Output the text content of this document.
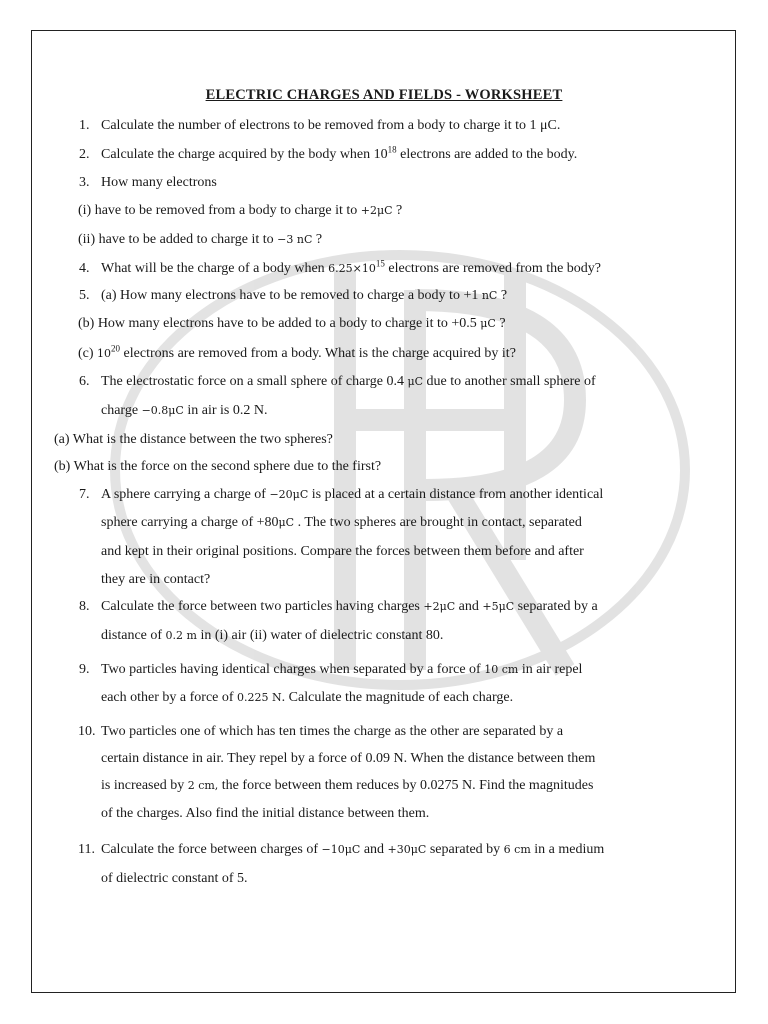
ELECTRIC CHARGES AND FIELDS - WORKSHEET
1. Calculate the number of electrons to be removed from a body to charge it to 1 μC.
2. Calculate the charge acquired by the body when $10^{18}$ electrons are added to the body.
3. How many electrons
(i) have to be removed from a body to charge it to +2μC ?
(ii) have to be added to charge it to −3 nC ?
4. What will be the charge of a body when $6.25\times 10^{15}$ electrons are removed from the body?
5. (a) How many electrons have to be removed to charge a body to +1 nC ?
(b) How many electrons have to be added to a body to charge it to +0.5 μC ?
(c) $10^{20}$ electrons are removed from a body. What is the charge acquired by it?
6. The electrostatic force on a small sphere of charge 0.4 μC due to another small sphere of
charge −0.8μC in air is 0.2 N.
(a) What is the distance between the two spheres?
(b) What is the force on the second sphere due to the first?
7. A sphere carrying a charge of −20μC is placed at a certain distance from another identical
sphere carrying a charge of +80μC . The two spheres are brought in contact, separated
and kept in their original positions. Compare the forces between them before and after
they are in contact?
8. Calculate the force between two particles having charges +2μC and +5μC separated by a
distance of 0.2 m in (i) air (ii) water of dielectric constant 80.
9. Two particles having identical charges when separated by a force of 10 cm in air repel
each other by a force of 0.225 N. Calculate the magnitude of each charge.
10. Two particles one of which has ten times the charge as the other are separated by a
certain distance in air. They repel by a force of 0.09 N. When the distance between them
is increased by 2 cm, the force between them reduces by 0.0275 N. Find the magnitudes
of the charges. Also find the initial distance between them.
11. Calculate the force between charges of −10μC and +30μC separated by 6 cm in a medium
of dielectric constant of 5.
